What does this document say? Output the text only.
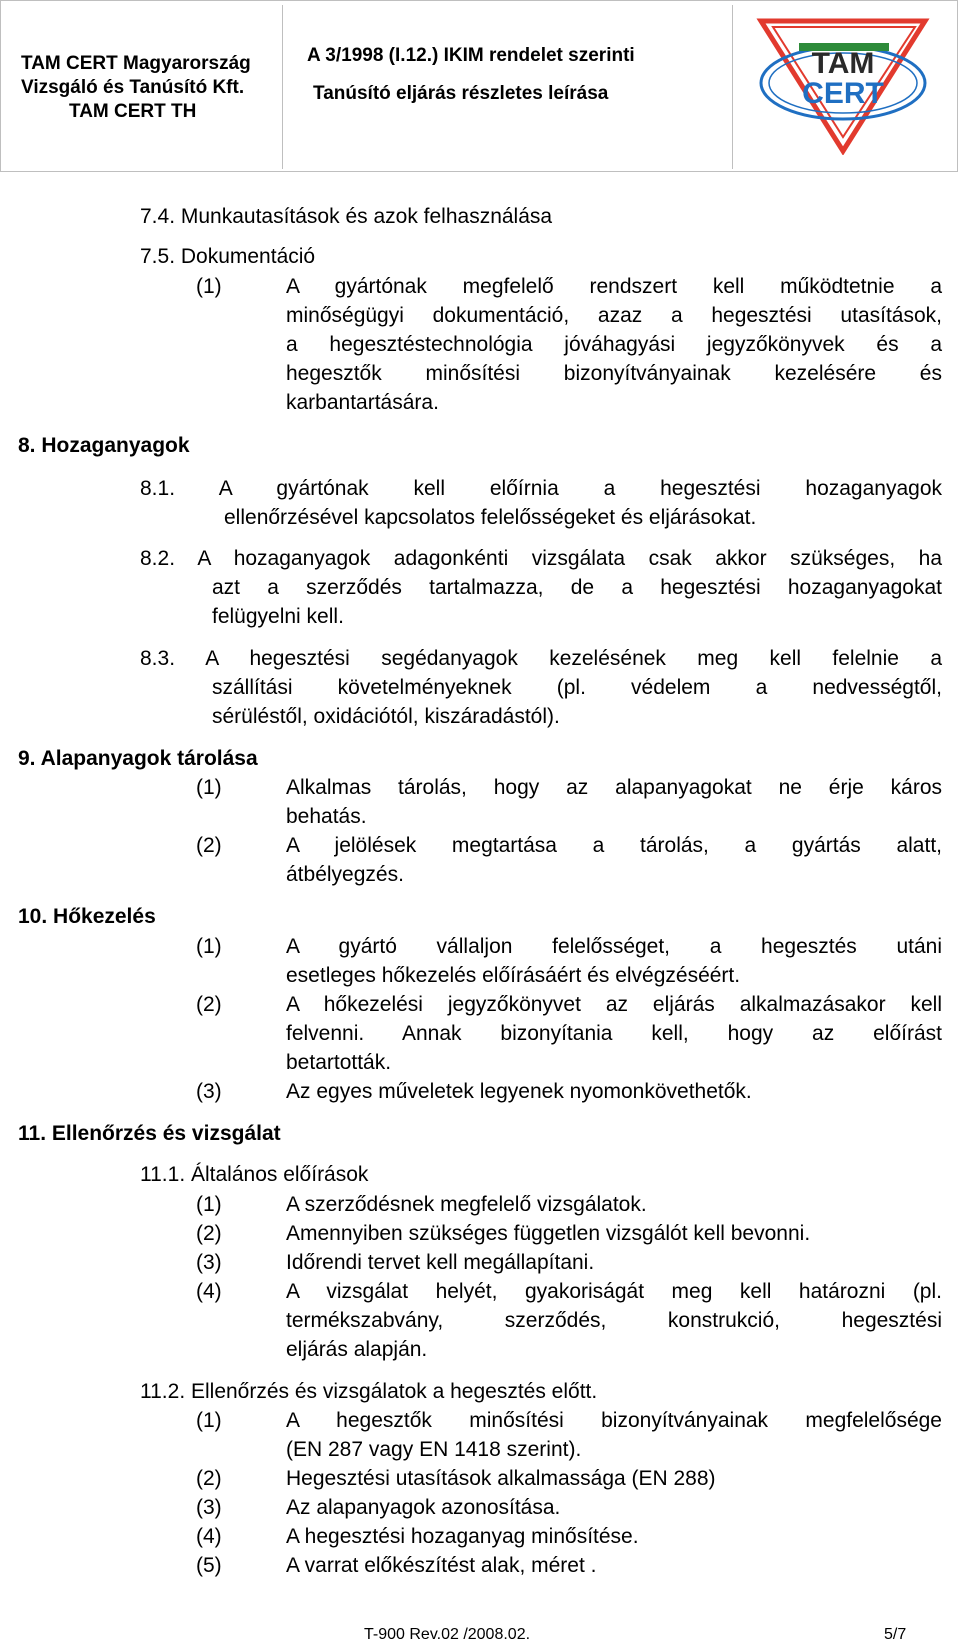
TAM CERT Magyarország
Vizsgáló és Tanúsító Kft.
TAM CERT TH
A 3/1998 (I.12.) IKIM rendelet szerinti
Tanúsító eljárás részletes leírása
TAM
CERT
7.4. Munkautasítások és azok felhasználása
7.5. Dokumentáció
(1)	A gyártónak megfelelő rendszert kell működtetnie a
minőségügyi dokumentáció, azaz a hegesztési utasítások,
a hegesztéstechnológia jóváhagyási jegyzőkönyvek és a
hegesztők minősítési bizonyítványainak kezelésére és
karbantartására.
8. Hozaganyagok
8.1. A gyártónak kell előírnia a hegesztési hozaganyagok
ellenőrzésével kapcsolatos felelősségeket és eljárásokat.
8.2. A hozaganyagok adagonkénti vizsgálata csak akkor szükséges, ha
azt a szerződés tartalmazza, de a hegesztési hozaganyagokat
felügyelni kell.
8.3. A hegesztési segédanyagok kezelésének meg kell felelnie a
szállítási követelményeknek (pl. védelem a nedvességtől,
sérüléstől, oxidációtól, kiszáradástól).
9. Alapanyagok tárolása
(1)	Alkalmas tárolás, hogy az alapanyagokat ne érje káros
behatás.
(2)	A jelölések megtartása a tárolás, a gyártás alatt,
átbélyegzés.
10. Hőkezelés
(1)	A gyártó vállaljon felelősséget, a hegesztés utáni
esetleges hőkezelés előírásáért és elvégzéséért.
(2)	A hőkezelési jegyzőkönyvet az eljárás alkalmazásakor kell
felvenni. Annak bizonyítania kell, hogy az előírást
betartották.
(3)	Az egyes műveletek legyenek nyomonkövethetők.
11. Ellenőrzés és vizsgálat
11.1. Általános előírások
(1)	A szerződésnek megfelelő vizsgálatok.
(2)	Amennyiben szükséges független vizsgálót kell bevonni.
(3)	Időrendi tervet kell megállapítani.
(4)	A vizsgálat helyét, gyakoriságát meg kell határozni (pl.
termékszabvány, szerződés, konstrukció, hegesztési
eljárás alapján.
11.2. Ellenőrzés és vizsgálatok a hegesztés előtt.
(1)	A hegesztők minősítési bizonyítványainak megfelelősége
(EN 287 vagy EN 1418 szerint).
(2)	Hegesztési utasítások alkalmassága (EN 288)
(3)	Az alapanyagok azonosítása.
(4)	A hegesztési hozaganyag minősítése.
(5)	A varrat előkészítést alak, méret .
T-900 Rev.02 /2008.02.	5/7
